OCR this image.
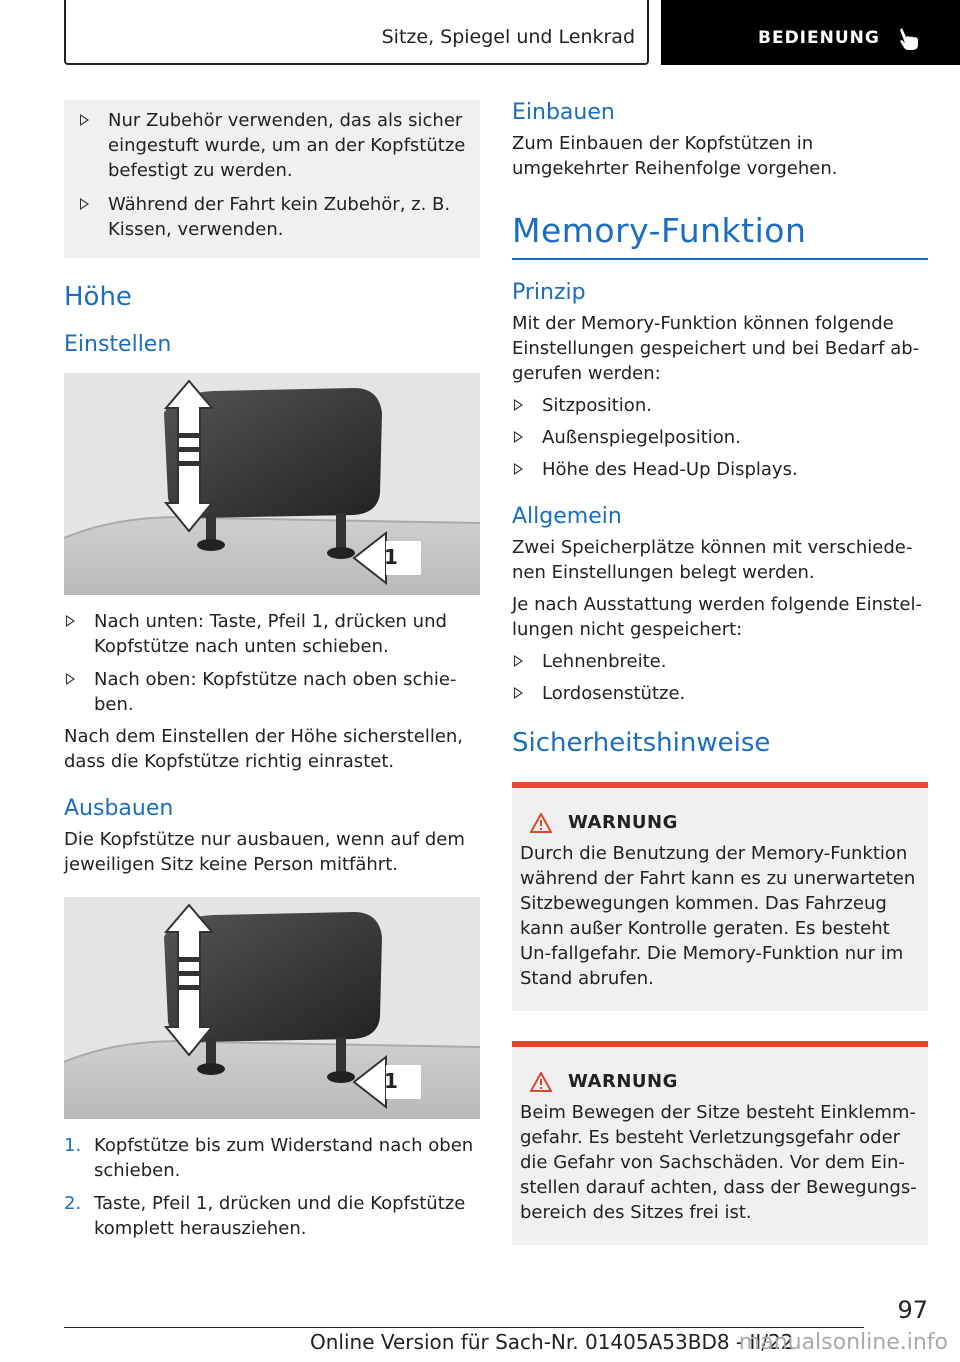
Sitze, Spiegel und Lenkrad	BEDIENUNG
Nur Zubehör verwenden, das als sicher eingestuft wurde, um an der Kopfstütze befestigt zu werden.
Während der Fahrt kein Zubehör, z. B. Kissen, verwenden.
Höhe
Einstellen
1
Nach unten: Taste, Pfeil 1, drücken und Kopfstütze nach unten schieben.
Nach oben: Kopfstütze nach oben schie-ben.
Nach dem Einstellen der Höhe sicherstellen, dass die Kopfstütze richtig einrastet.
Ausbauen
Die Kopfstütze nur ausbauen, wenn auf dem jeweiligen Sitz keine Person mitfährt.
1
1. Kopfstütze bis zum Widerstand nach oben schieben.
2. Taste, Pfeil 1, drücken und die Kopfstütze komplett herausziehen.
Einbauen
Zum Einbauen der Kopfstützen in umgekehrter Reihenfolge vorgehen.
Memory-Funktion
Prinzip
Mit der Memory-Funktion können folgende Einstellungen gespeichert und bei Bedarf ab-gerufen werden:
Sitzposition.
Außenspiegelposition.
Höhe des Head-Up Displays.
Allgemein
Zwei Speicherplätze können mit verschiede-nen Einstellungen belegt werden.
Je nach Ausstattung werden folgende Einstel-lungen nicht gespeichert:
Lehnenbreite.
Lordosenstütze.
Sicherheitshinweise
WARNUNG
Durch die Benutzung der Memory-Funktion während der Fahrt kann es zu unerwarteten Sitzbewegungen kommen. Das Fahrzeug kann außer Kontrolle geraten. Es besteht Un-fallgefahr. Die Memory-Funktion nur im Stand abrufen.
WARNUNG
Beim Bewegen der Sitze besteht Einklemm-gefahr. Es besteht Verletzungsgefahr oder die Gefahr von Sachschäden. Vor dem Ein-stellen darauf achten, dass der Bewegungs-bereich des Sitzes frei ist.
97
Online Version für Sach-Nr. 01405A53BD8 - II/22
manualsonline.info
